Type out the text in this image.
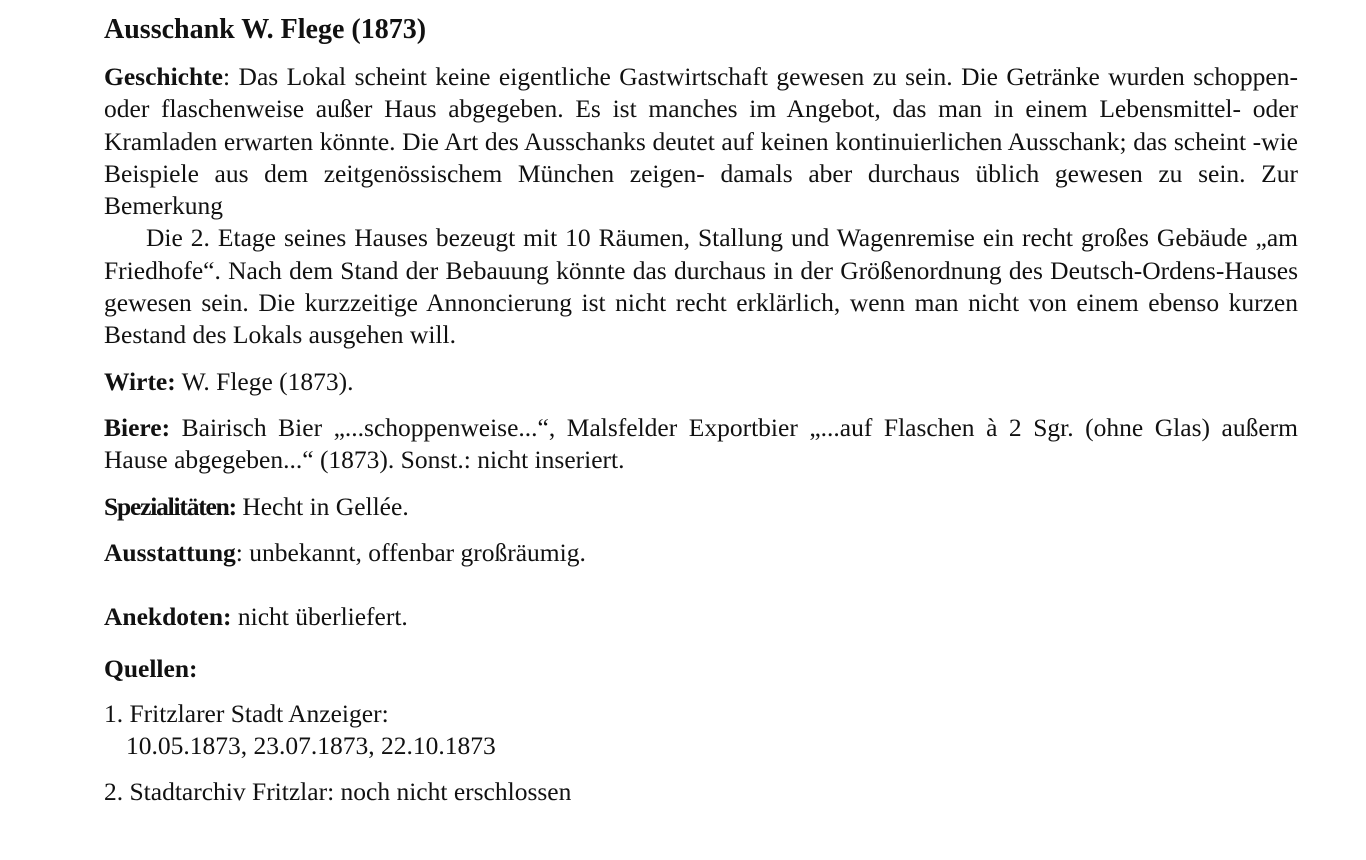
Ausschank W. Flege (1873)

Geschichte: Das Lokal scheint keine eigentliche Gastwirtschaft gewesen zu sein. Die Getränke wurden schoppen- oder flaschenweise außer Haus abgegeben. Es ist manches im Angebot, das man in einem Lebensmittel- oder Kramladen erwarten könnte. Die Art des Ausschanks deutet auf keinen kontinuierlichen Ausschank; das scheint -wie Beispiele aus dem zeitgenössischem München zeigen- damals aber durchaus üblich gewesen zu sein. Zur Bemerkung

Die 2. Etage seines Hauses bezeugt mit 10 Räumen, Stallung und Wagenremise ein recht großes Gebäude „am Friedhofe“. Nach dem Stand der Bebauung könnte das durchaus in der Größenordnung des Deutsch-Ordens-Hauses gewesen sein. Die kurzzeitige Annoncierung ist nicht recht erklärlich, wenn man nicht von einem ebenso kurzen Bestand des Lokals ausgehen will.

Wirte: W. Flege (1873).

Biere: Bairisch Bier „...schoppenweise...“, Malsfelder Exportbier „...auf Flaschen à 2 Sgr. (ohne Glas) außerm Hause abgegeben...“ (1873). Sonst.: nicht inseriert.

Spezialitäten: Hecht in Gellée.

Ausstattung: unbekannt, offenbar großräumig.

Anekdoten: nicht überliefert.

Quellen:

1. Fritzlarer Stadt Anzeiger:
10.05.1873, 23.07.1873, 22.10.1873
2. Stadtarchiv Fritzlar: noch nicht erschlossen
